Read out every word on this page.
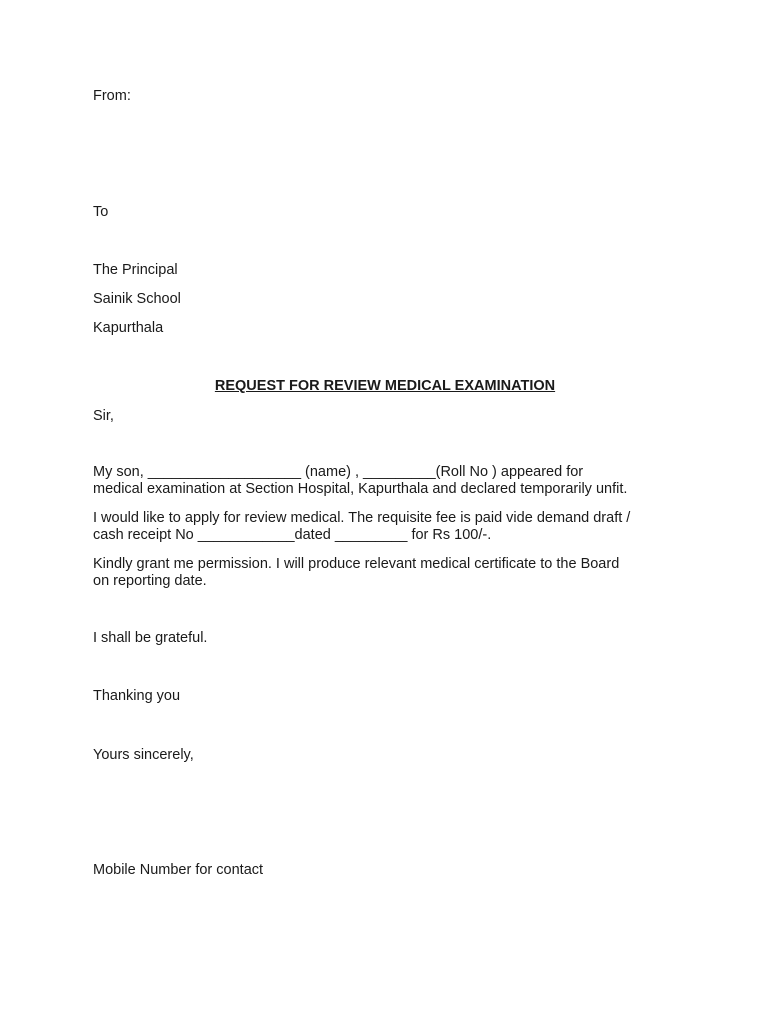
From:
To
The Principal
Sainik School
Kapurthala
REQUEST FOR REVIEW MEDICAL EXAMINATION
Sir,
My son, ___________________ (name) , _________(Roll No ) appeared for
medical examination at Section Hospital, Kapurthala and declared temporarily unfit.
I would like to apply for review medical. The requisite fee is paid vide demand draft /
cash receipt No ____________dated _________ for Rs 100/-.
Kindly grant me permission. I will produce relevant medical certificate to the Board
on reporting date.
I shall be grateful.
Thanking you
Yours sincerely,
Mobile Number for contact
